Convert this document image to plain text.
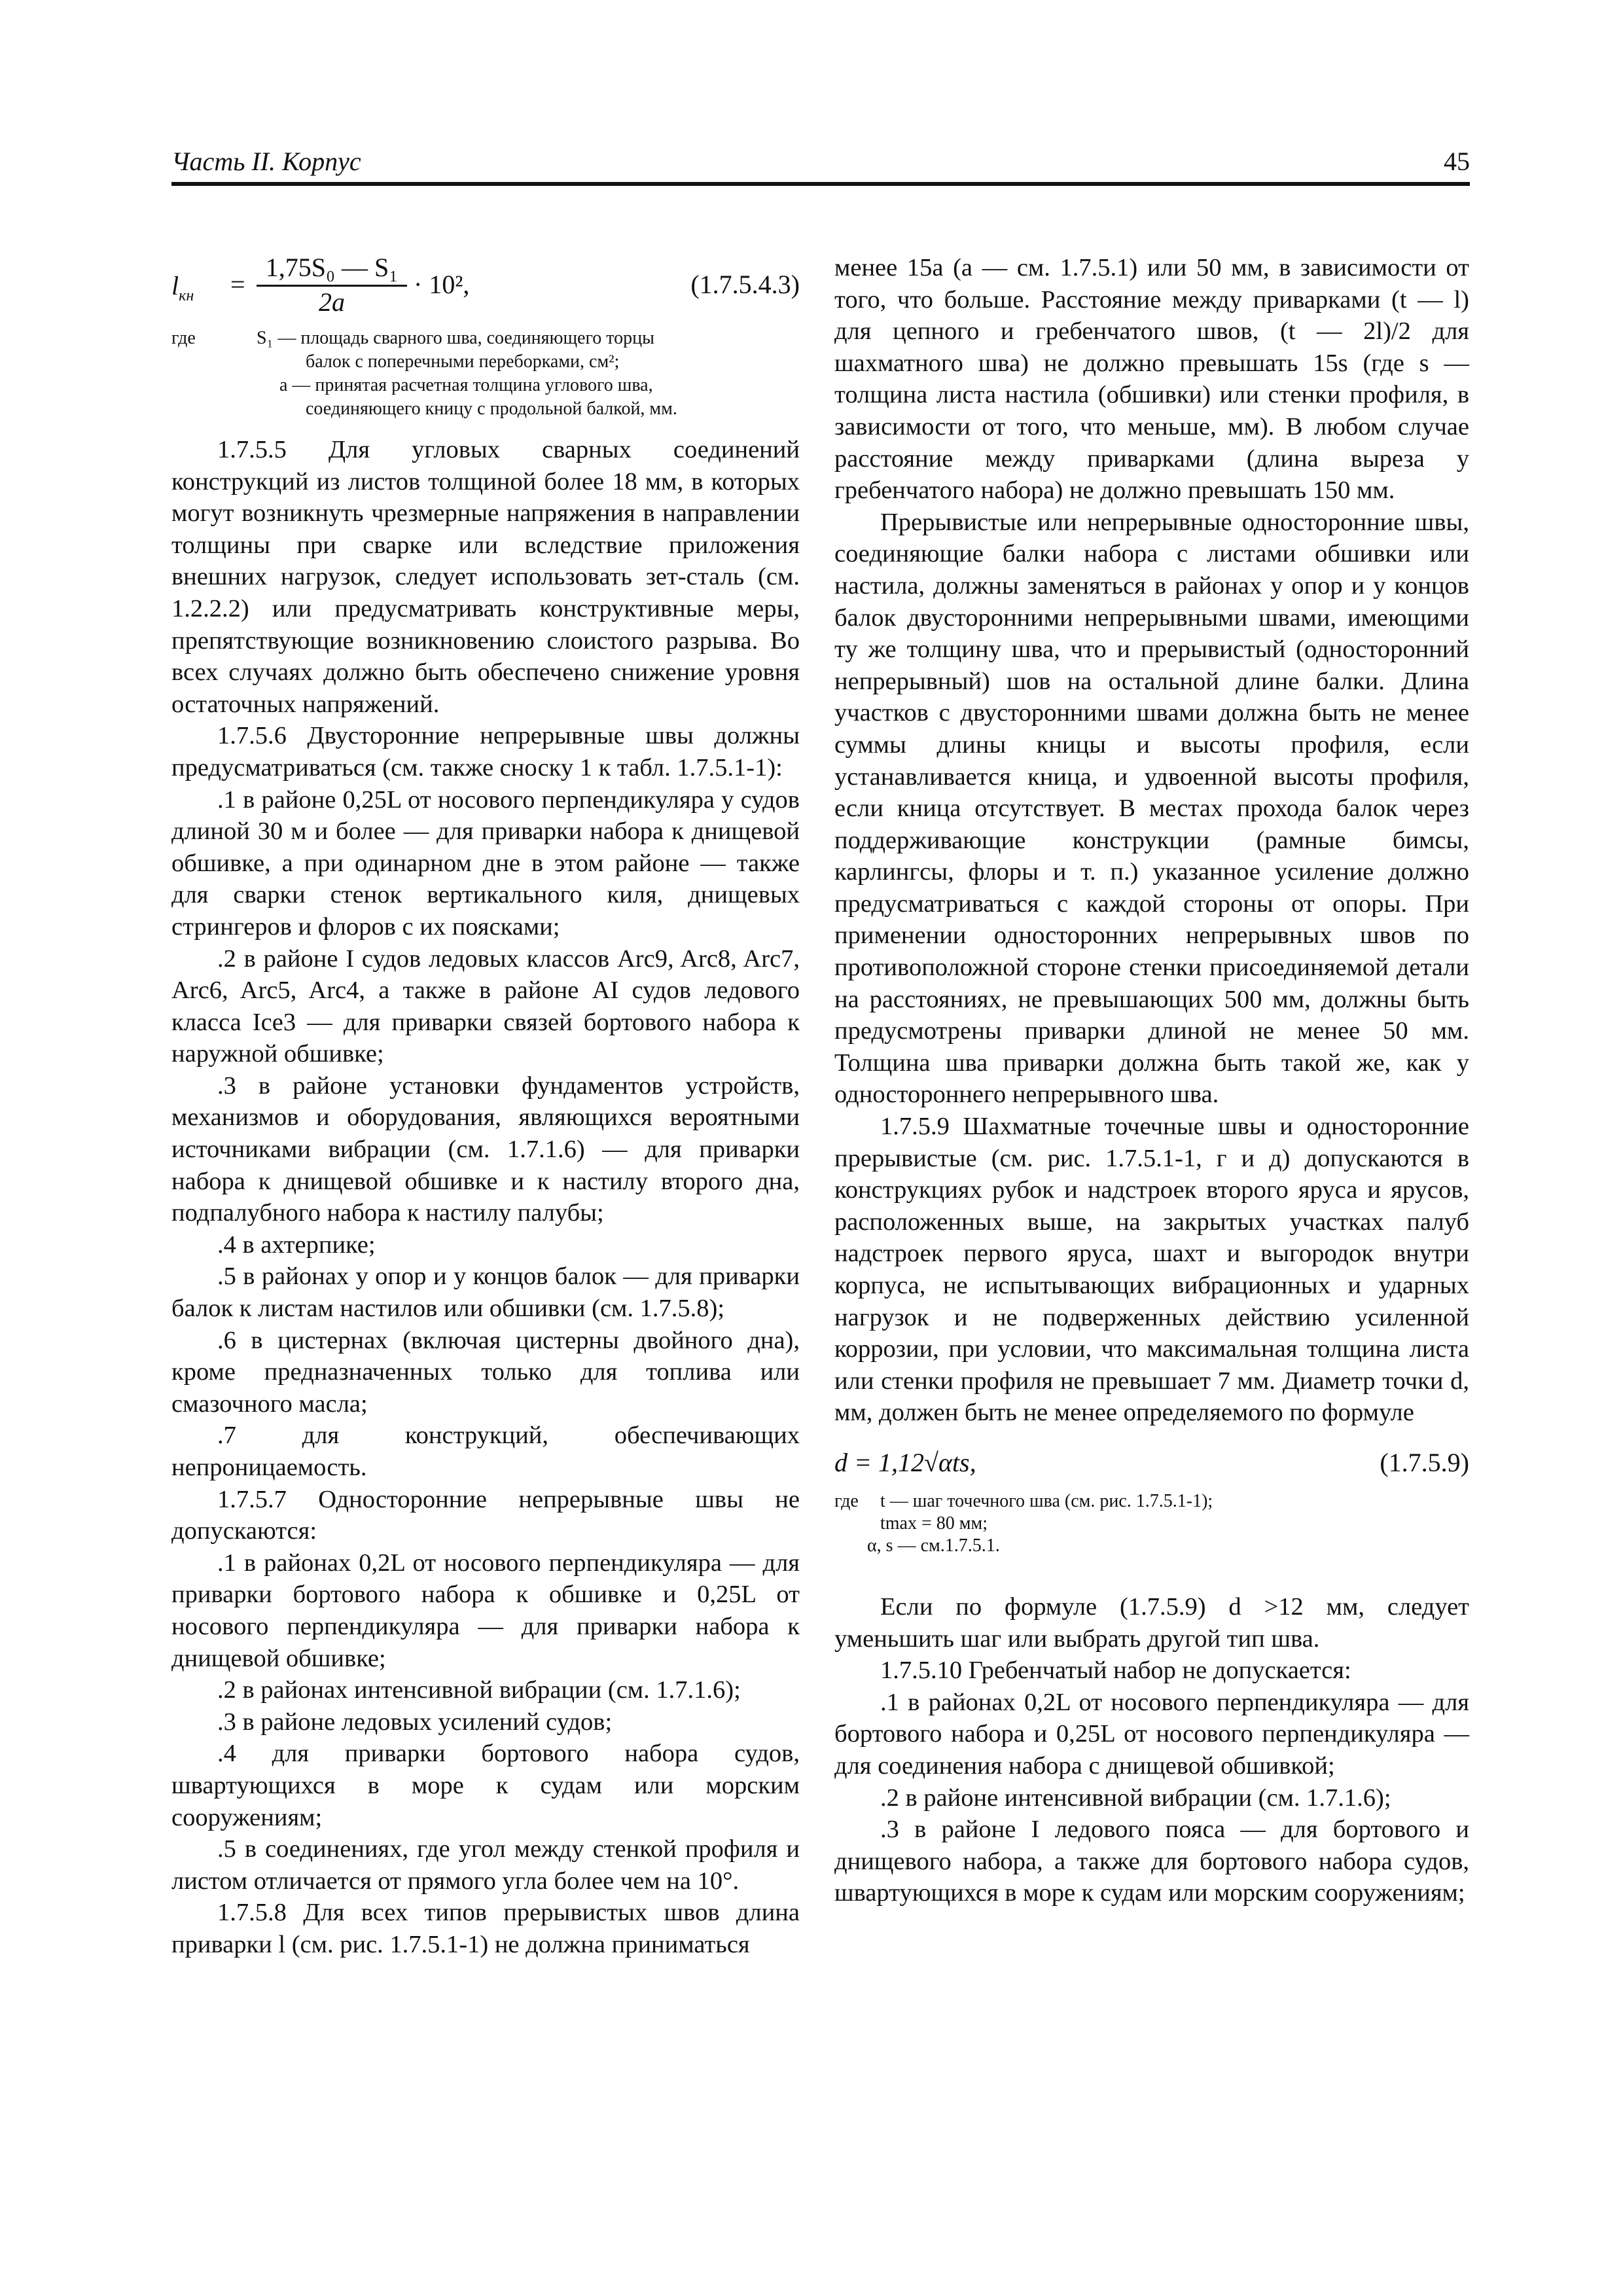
Часть II. Корпус	45
$l_{кн} = \frac{\text{1,75S₀ — S₁}}{2a} \cdot 10^2$,	(1.7.5.4.3)
где	S₁ — площадь сварного шва, соединяющего торцы
балок с поперечными переборками, см²;
a — принятая расчетная толщина углового шва,
соединяющего кницу с продольной балкой, мм.

1.7.5.5 Для угловых сварных соединений конструкций из листов толщиной более 18 мм, в которых могут возникнуть чрезмерные напряжения в направлении толщины при сварке или вследствие приложения внешних нагрузок, следует использовать зет-сталь (см. 1.2.2.2) или предусматривать конструктивные меры, препятствующие возникновению слоистого разрыва. Во всех случаях должно быть обеспечено снижение уровня остаточных напряжений.

1.7.5.6 Двусторонние непрерывные швы должны предусматриваться (см. также сноску 1 к табл. 1.7.5.1-1):

.1 в районе 0,25L от носового перпендикуляра у судов длиной 30 м и более — для приварки набора к днищевой обшивке, а при одинарном дне в этом районе — также для сварки стенок вертикального киля, днищевых стрингеров и флоров с их поясками;

.2 в районе I судов ледовых классов Arc9, Arc8, Arc7, Arc6, Arc5, Arc4, а также в районе AI судов ледового класса Ice3 — для приварки связей бортового набора к наружной обшивке;

.3 в районе установки фундаментов устройств, механизмов и оборудования, являющихся вероятными источниками вибрации (см. 1.7.1.6) — для приварки набора к днищевой обшивке и к настилу второго дна, подпалубного набора к настилу палубы;

.4 в ахтерпике;

.5 в районах у опор и у концов балок — для приварки балок к листам настилов или обшивки (см. 1.7.5.8);

.6 в цистернах (включая цистерны двойного дна), кроме предназначенных только для топлива или смазочного масла;

.7 для конструкций, обеспечивающих непроницаемость.

1.7.5.7 Односторонние непрерывные швы не допускаются:

.1 в районах 0,2L от носового перпендикуляра — для приварки бортового набора к обшивке и 0,25L от носового перпендикуляра — для приварки набора к днищевой обшивке;

.2 в районах интенсивной вибрации (см. 1.7.1.6);

.3 в районе ледовых усилений судов;

.4 для приварки бортового набора судов, швартующихся в море к судам или морским сооружениям;

.5 в соединениях, где угол между стенкой профиля и листом отличается от прямого угла более чем на 10°.

1.7.5.8 Для всех типов прерывистых швов длина приварки l (см. рис. 1.7.5.1-1) не должна приниматься

менее 15a (a — см. 1.7.5.1) или 50 мм, в зависимости от того, что больше. Расстояние между приварками (t — l) для цепного и гребенчатого швов, (t — 2l)/2 для шахматного шва) не должно превышать 15s (где s — толщина листа настила (обшивки) или стенки профиля, в зависимости от того, что меньше, мм). В любом случае расстояние между приварками (длина выреза у гребенчатого набора) не должно превышать 150 мм.

Прерывистые или непрерывные односторонние швы, соединяющие балки набора с листами обшивки или настила, должны заменяться в районах у опор и у концов балок двусторонними непрерывными швами, имеющими ту же толщину шва, что и прерывистый (односторонний непрерывный) шов на остальной длине балки. Длина участков с двусторонними швами должна быть не менее суммы длины кницы и высоты профиля, если устанавливается кница, и удвоенной высоты профиля, если кница отсутствует. В местах прохода балок через поддерживающие конструкции (рамные бимсы, карлингсы, флоры и т. п.) указанное усиление должно предусматриваться с каждой стороны от опоры. При применении односторонних непрерывных швов по противоположной стороне стенки присоединяемой детали на расстояниях, не превышающих 500 мм, должны быть предусмотрены приварки длиной не менее 50 мм. Толщина шва приварки должна быть такой же, как у одностороннего непрерывного шва.

1.7.5.9 Шахматные точечные швы и односторонние прерывистые (см. рис. 1.7.5.1-1, г и д) допускаются в конструкциях рубок и надстроек второго яруса и ярусов, расположенных выше, на закрытых участках палуб надстроек первого яруса, шахт и выгородок внутри корпуса, не испытывающих вибрационных и ударных нагрузок и не подверженных действию усиленной коррозии, при условии, что максимальная толщина листа или стенки профиля не превышает 7 мм. Диаметр точки d, мм, должен быть не менее определяемого по формуле

d = 1,12√αts,	(1.7.5.9)
где	t — шаг точечного шва (см. рис. 1.7.5.1-1);
tmax = 80 мм;
α, s — см.1.7.5.1.

Если по формуле (1.7.5.9) d >12 мм, следует уменьшить шаг или выбрать другой тип шва.

1.7.5.10 Гребенчатый набор не допускается:

.1 в районах 0,2L от носового перпендикуляра — для бортового набора и 0,25L от носового перпендикуляра — для соединения набора с днищевой обшивкой;

.2 в районе интенсивной вибрации (см. 1.7.1.6);

.3 в районе I ледового пояса — для бортового и днищевого набора, а также для бортового набора судов, швартующихся в море к судам или морским сооружениям;
